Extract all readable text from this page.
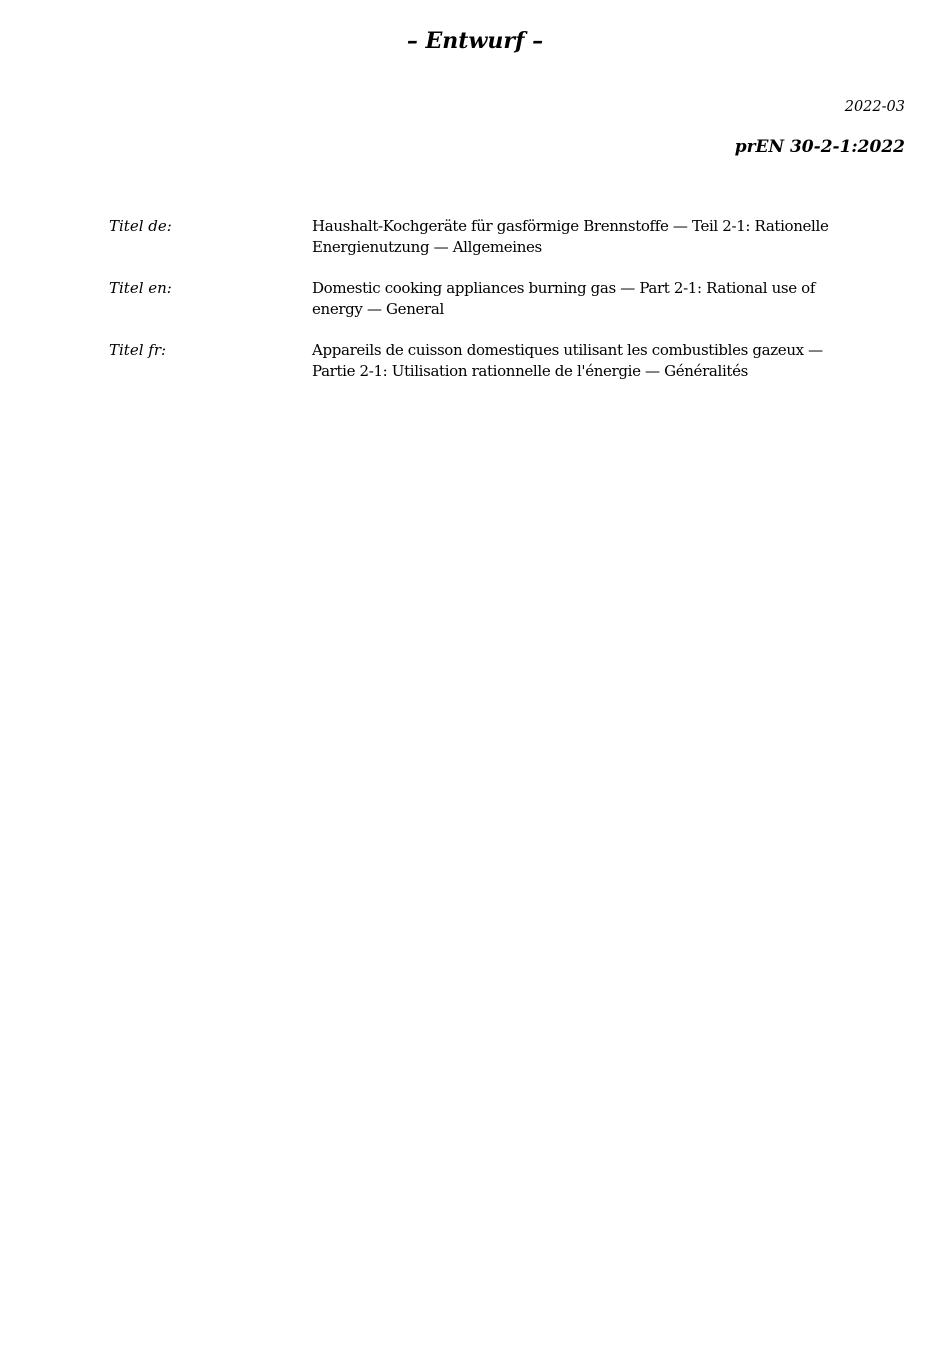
– Entwurf –
2022-03
prEN 30-2-1:2022
Titel de:	Haushalt-Kochgeräte für gasförmige Brennstoffe — Teil 2-1: Rationelle
Energienutzung — Allgemeines
Titel en:	Domestic cooking appliances burning gas — Part 2-1: Rational use of
energy — General
Titel fr:	Appareils de cuisson domestiques utilisant les combustibles gazeux —
Partie 2-1: Utilisation rationnelle de l'énergie — Généralités
